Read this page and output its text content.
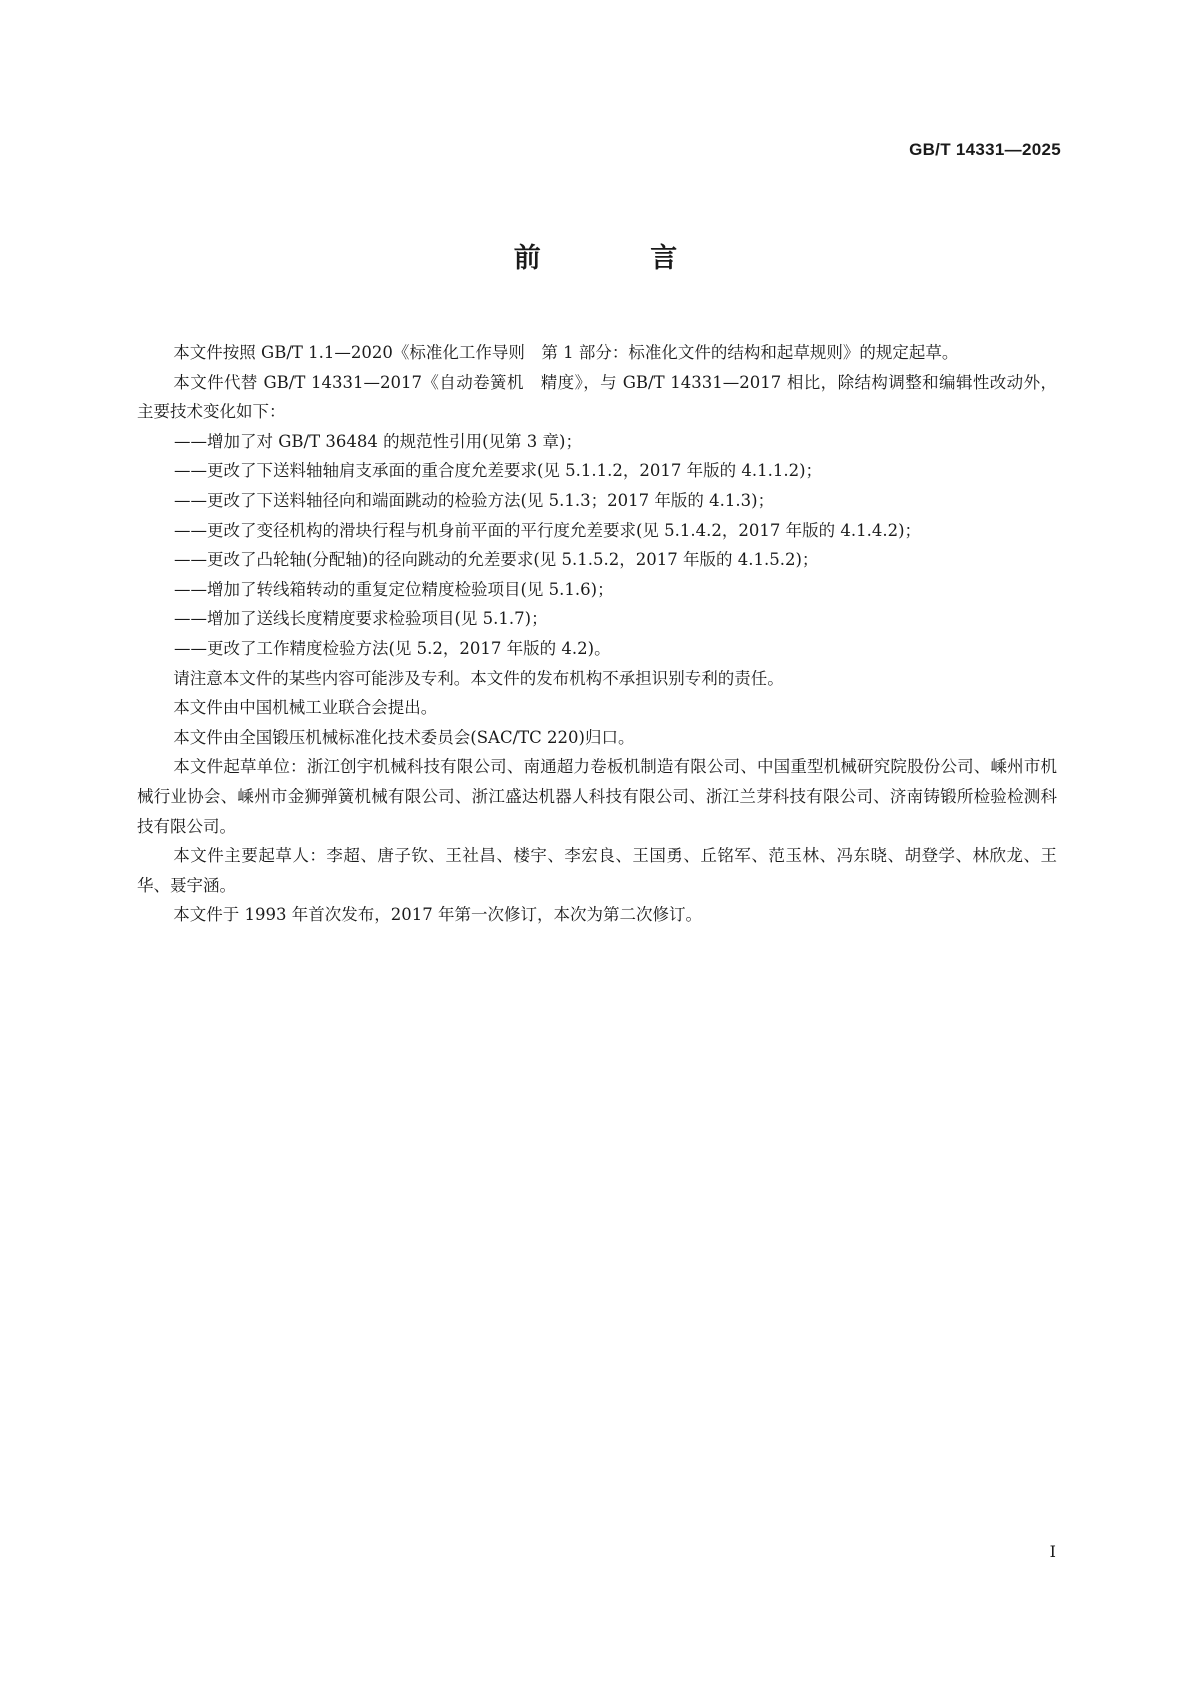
GB/T 14331—2025
前 言

本文件按照 GB/T 1.1—2020《标准化工作导则　第 1 部分：标准化文件的结构和起草规则》的规定起草。

本文件代替 GB/T 14331—2017《自动卷簧机　精度》，与 GB/T 14331—2017 相比，除结构调整和编辑性改动外，主要技术变化如下：

——增加了对 GB/T 36484 的规范性引用(见第 3 章)；

——更改了下送料轴轴肩支承面的重合度允差要求(见 5.1.1.2，2017 年版的 4.1.1.2)；

——更改了下送料轴径向和端面跳动的检验方法(见 5.1.3；2017 年版的 4.1.3)；

——更改了变径机构的滑块行程与机身前平面的平行度允差要求(见 5.1.4.2，2017 年版的 4.1.4.2)；

——更改了凸轮轴(分配轴)的径向跳动的允差要求(见 5.1.5.2，2017 年版的 4.1.5.2)；

——增加了转线箱转动的重复定位精度检验项目(见 5.1.6)；

——增加了送线长度精度要求检验项目(见 5.1.7)；

——更改了工作精度检验方法(见 5.2，2017 年版的 4.2)。

请注意本文件的某些内容可能涉及专利。本文件的发布机构不承担识别专利的责任。

本文件由中国机械工业联合会提出。

本文件由全国锻压机械标准化技术委员会(SAC/TC 220)归口。

本文件起草单位：浙江创宇机械科技有限公司、南通超力卷板机制造有限公司、中国重型机械研究院股份公司、嵊州市机械行业协会、嵊州市金狮弹簧机械有限公司、浙江盛达机器人科技有限公司、浙江兰芽科技有限公司、济南铸锻所检验检测科技有限公司。

本文件主要起草人：李超、唐子钦、王社昌、楼宇、李宏良、王国勇、丘铭军、范玉林、冯东晓、胡登学、林欣龙、王华、聂宇涵。

本文件于 1993 年首次发布，2017 年第一次修订，本次为第二次修订。

I
